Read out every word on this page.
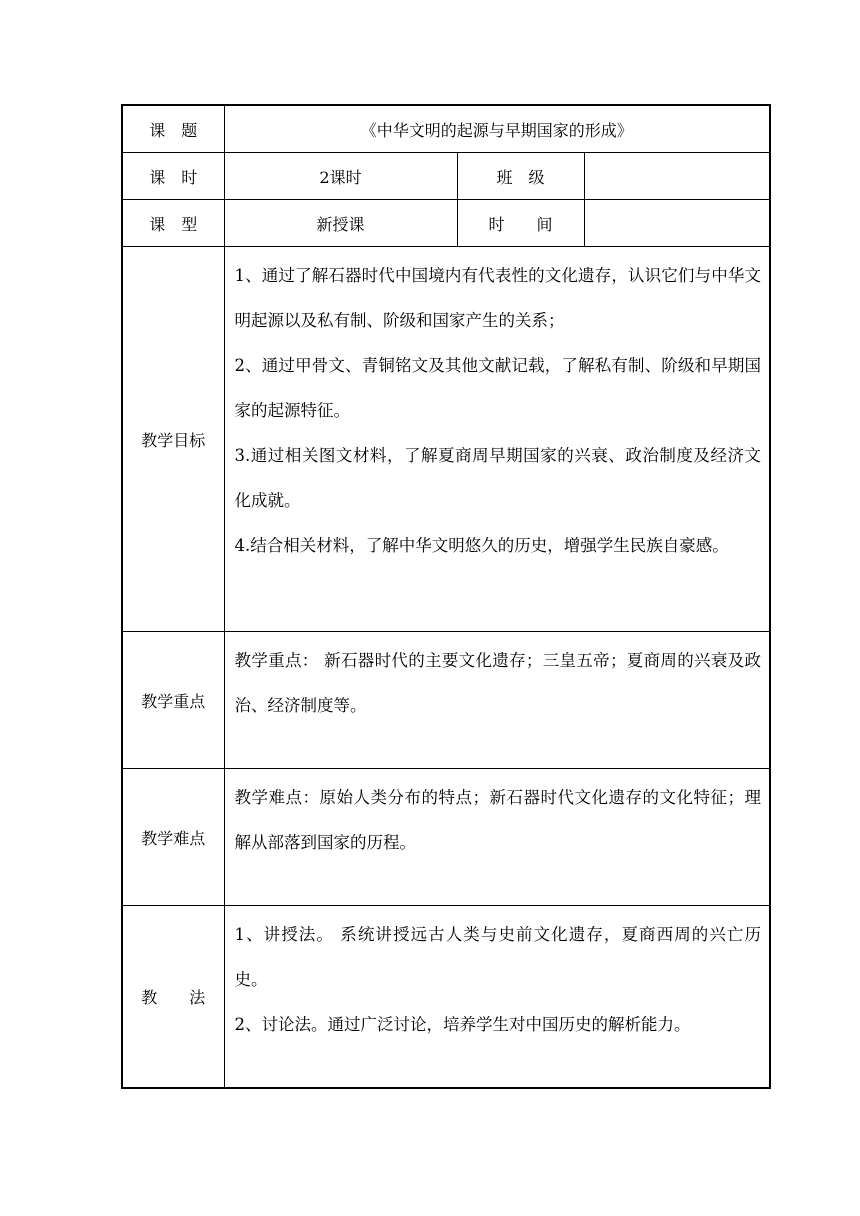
课　题	《中华文明的起源与早期国家的形成》		
课　时	2课时	班　级	
课　型	新授课	时　　间	
教学目标	1、通过了解石器时代中国境内有代表性的文化遗存，认识它们与中华文明起源以及私有制、阶级和国家产生的关系；

2、通过甲骨文、青铜铭文及其他文献记载，了解私有制、阶级和早期国家的起源特征。

3.通过相关图文材料，了解夏商周早期国家的兴衰、政治制度及经济文化成就。

4.结合相关材料，了解中华文明悠久的历史，增强学生民族自豪感。		

教学重点	教学重点： 新石器时代的主要文化遗存；三皇五帝；夏商周的兴衰及政治、经济制度等。		

教学难点	教学难点：原始人类分布的特点；新石器时代文化遗存的文化特征；理解从部落到国家的历程。		

教　　法	1、讲授法。 系统讲授远古人类与史前文化遗存，夏商西周的兴亡历史。

2、讨论法。通过广泛讨论，培养学生对中国历史的解析能力。		
